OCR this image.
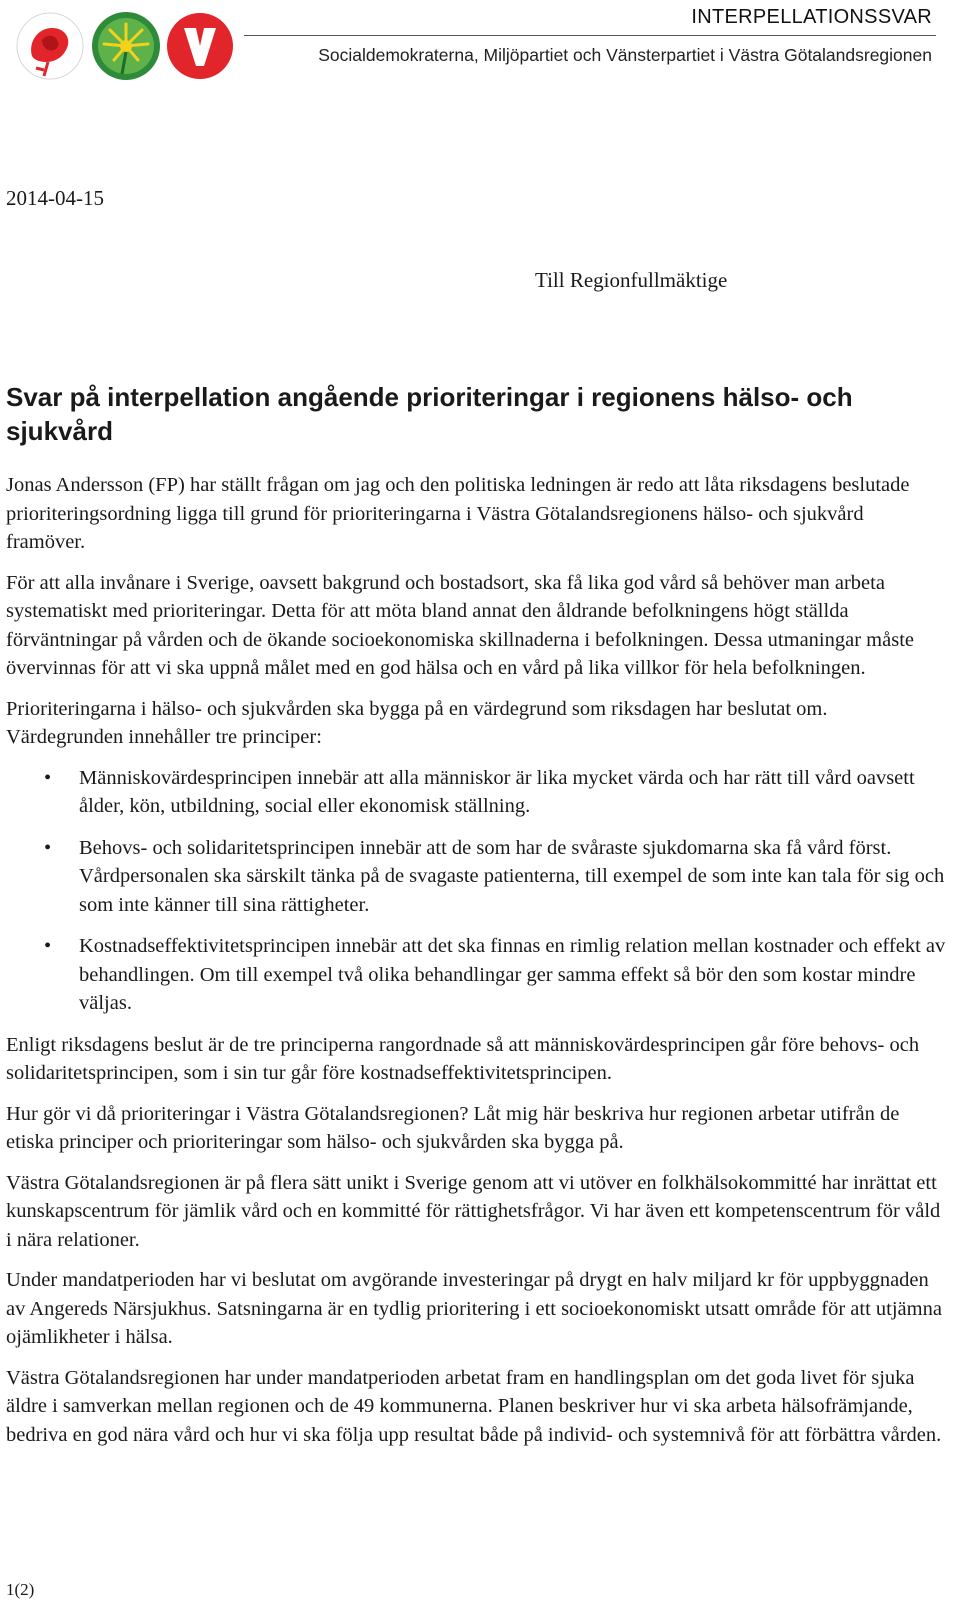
INTERPELLATIONSSVAR
Socialdemokraterna, Miljöpartiet och Vänsterpartiet i Västra Götalandsregionen
2014-04-15
Till Regionfullmäktige
Svar på interpellation angående prioriteringar i regionens hälso- och sjukvård

Jonas Andersson (FP) har ställt frågan om jag och den politiska ledningen är redo att låta riksdagens beslutade prioriteringsordning ligga till grund för prioriteringarna i Västra Götalandsregionens hälso- och sjukvård framöver.

För att alla invånare i Sverige, oavsett bakgrund och bostadsort, ska få lika god vård så behöver man arbeta systematiskt med prioriteringar. Detta för att möta bland annat den åldrande befolkningens högt ställda förväntningar på vården och de ökande socioekonomiska skillnaderna i befolkningen. Dessa utmaningar måste övervinnas för att vi ska uppnå målet med en god hälsa och en vård på lika villkor för hela befolkningen.

Prioriteringarna i hälso- och sjukvården ska bygga på en värdegrund som riksdagen har beslutat om. Värdegrunden innehåller tre principer:

• Människovärdesprincipen innebär att alla människor är lika mycket värda och har rätt till vård oavsett ålder, kön, utbildning, social eller ekonomisk ställning.
• Behovs- och solidaritetsprincipen innebär att de som har de svåraste sjukdomarna ska få vård först. Vårdpersonalen ska särskilt tänka på de svagaste patienterna, till exempel de som inte kan tala för sig och som inte känner till sina rättigheter.
• Kostnadseffektivitetsprincipen innebär att det ska finnas en rimlig relation mellan kostnader och effekt av behandlingen. Om till exempel två olika behandlingar ger samma effekt så bör den som kostar mindre väljas.

Enligt riksdagens beslut är de tre principerna rangordnade så att människovärdesprincipen går före behovs- och solidaritetsprincipen, som i sin tur går före kostnadseffektivitetsprincipen.

Hur gör vi då prioriteringar i Västra Götalandsregionen? Låt mig här beskriva hur regionen arbetar utifrån de etiska principer och prioriteringar som hälso- och sjukvården ska bygga på.

Västra Götalandsregionen är på flera sätt unikt i Sverige genom att vi utöver en folkhälsokommitté har inrättat ett kunskapscentrum för jämlik vård och en kommitté för rättighetsfrågor. Vi har även ett kompetenscentrum för våld i nära relationer.

Under mandatperioden har vi beslutat om avgörande investeringar på drygt en halv miljard kr för uppbyggnaden av Angereds Närsjukhus. Satsningarna är en tydlig prioritering i ett socioekonomiskt utsatt område för att utjämna ojämlikheter i hälsa.

Västra Götalandsregionen har under mandatperioden arbetat fram en handlingsplan om det goda livet för sjuka äldre i samverkan mellan regionen och de 49 kommunerna. Planen beskriver hur vi ska arbeta hälsofrämjande, bedriva en god nära vård och hur vi ska följa upp resultat både på individ- och systemnivå för att förbättra vården.

1(2)
